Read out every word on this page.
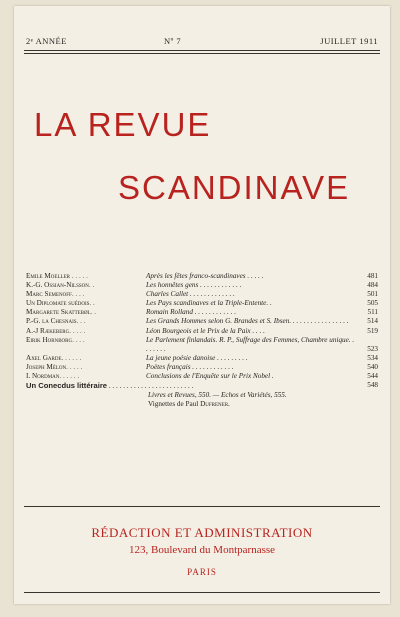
2ᵉ ANNÉE	Nº 7	JUILLET 1911
LA REVUE
SCANDINAVE
Emile Moeller . . . . .	Après les fêtes franco-scandinaves . . . . .	481
K.-G. Ossian-Nilsson. .	Les honnêtes gens . . . . . . . . . . . .	484
Marc Semenoff. . . .	Charles Callet . . . . . . . . . . . . .	501
Un Diplomate suédois. .	Les Pays scandinaves et la Triple-Entente. .	505
Margarete Skattebøl. .	Romain Rolland . . . . . . . . . . . .	511
P.-G. la Chesnais. . .	Les Grands Hommes selon G. Brandes et S. Ibsen. . . . . . . . . . . . . . . . .	514
A.-J Rækeberg. . . . .	Léon Bourgeois et le Prix de la Paix . . . .	519
Eirik Hornborg. . . .	Le Parlement finlandais. R. P., Suffrage des Femmes, Chambre unique. . . . . . . .	523
Axel Garde. . . . . .	La jeune poésie danoise . . . . . . . . .	534
Joseph Mélon. . . . .	Poètes français . . . . . . . . . . . .	540
I. Nordman. . . . . .	Conclusions de l'Enquête sur le Prix Nobel .	544
Un Conecdus littéraire . . . . . . . . . . . . . . . . . . . . . . . .	548
Livres et Revues, 550. — Echos et Variétés, 555.
Vignettes de Paul Dufrener.
RÉDACTION ET ADMINISTRATION
123, Boulevard du Montparnasse
PARIS
